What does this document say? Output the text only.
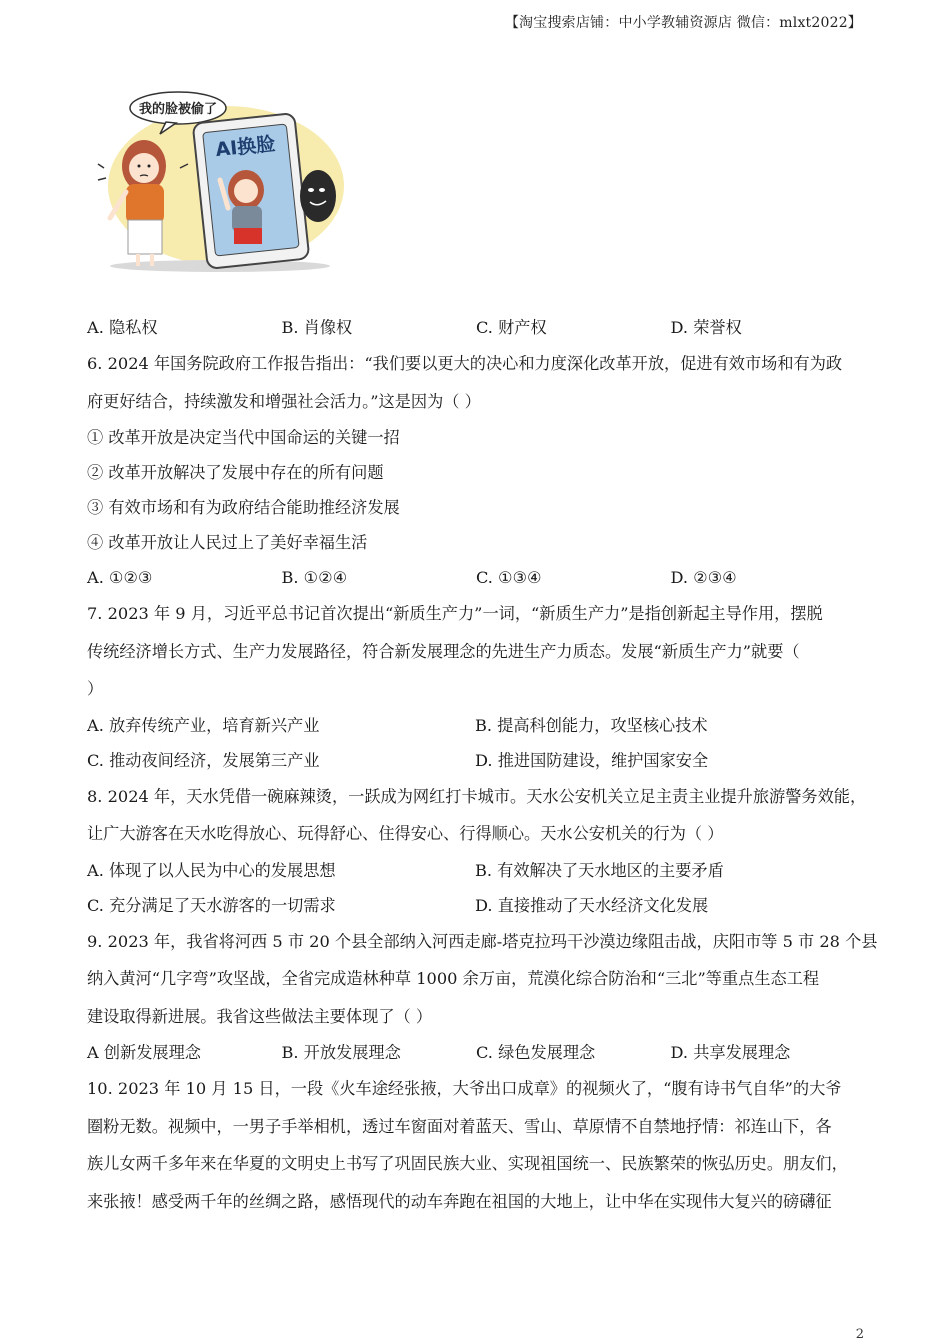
【淘宝搜索店铺：中小学教辅资源店 微信：mlxt2022】
我的脸被偷了
AI换脸
A. 隐私权	B. 肖像权	C. 财产权	D. 荣誉权
6. 2024 年国务院政府工作报告指出：“我们要以更大的决心和力度深化改革开放，促进有效市场和有为政
府更好结合，持续激发和增强社会活力。”这是因为（ ）
① 改革开放是决定当代中国命运的关键一招
② 改革开放解决了发展中存在的所有问题
③ 有效市场和有为政府结合能助推经济发展
④ 改革开放让人民过上了美好幸福生活
A. ①②③	B. ①②④	C. ①③④	D. ②③④
7. 2023 年 9 月，习近平总书记首次提出“新质生产力”一词，“新质生产力”是指创新起主导作用，摆脱
传统经济增长方式、生产力发展路径，符合新发展理念的先进生产力质态。发展“新质生产力”就要（
）
A. 放弃传统产业，培育新兴产业	B. 提高科创能力，攻坚核心技术
C. 推动夜间经济，发展第三产业	D. 推进国防建设，维护国家安全
8. 2024 年，天水凭借一碗麻辣烫，一跃成为网红打卡城市。天水公安机关立足主责主业提升旅游警务效能，
让广大游客在天水吃得放心、玩得舒心、住得安心、行得顺心。天水公安机关的行为（ ）
A. 体现了以人民为中心的发展思想	B. 有效解决了天水地区的主要矛盾
C. 充分满足了天水游客的一切需求	D. 直接推动了天水经济文化发展
9. 2023 年，我省将河西 5 市 20 个县全部纳入河西走廊-塔克拉玛干沙漠边缘阻击战，庆阳市等 5 市 28 个县
纳入黄河“几字弯”攻坚战，全省完成造林种草 1000 余万亩，荒漠化综合防治和“三北”等重点生态工程
建设取得新进展。我省这些做法主要体现了（ ）
A 创新发展理念	B. 开放发展理念	C. 绿色发展理念	D. 共享发展理念
10. 2023 年 10 月 15 日，一段《火车途经张掖，大爷出口成章》的视频火了，“腹有诗书气自华”的大爷
圈粉无数。视频中，一男子手举相机，透过车窗面对着蓝天、雪山、草原情不自禁地抒情：祁连山下，各
族儿女两千多年来在华夏的文明史上书写了巩固民族大业、实现祖国统一、民族繁荣的恢弘历史。朋友们，
来张掖！感受两千年的丝绸之路，感悟现代的动车奔跑在祖国的大地上，让中华在实现伟大复兴的磅礴征
2
